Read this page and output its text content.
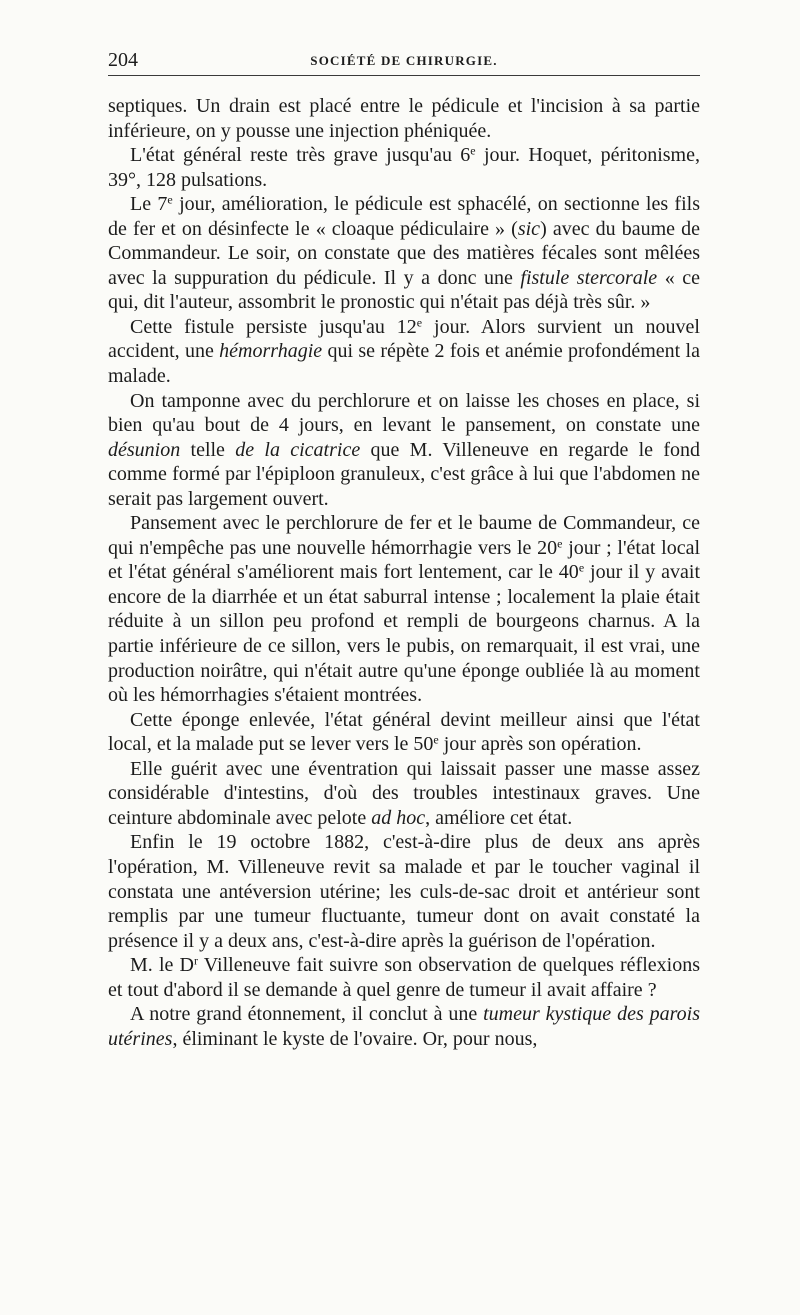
204	SOCIÉTÉ DE CHIRURGIE.

septiques. Un drain est placé entre le pédicule et l'incision à sa partie inférieure, on y pousse une injection phéniquée.

L'état général reste très grave jusqu'au 6e jour. Hoquet, péritonisme, 39°, 128 pulsations.

Le 7e jour, amélioration, le pédicule est sphacélé, on sectionne les fils de fer et on désinfecte le « cloaque pédiculaire » (sic) avec du baume de Commandeur. Le soir, on constate que des matières fécales sont mêlées avec la suppuration du pédicule. Il y a donc une fistule stercorale « ce qui, dit l'auteur, assombrit le pronostic qui n'était pas déjà très sûr. »

Cette fistule persiste jusqu'au 12e jour. Alors survient un nouvel accident, une hémorrhagie qui se répète 2 fois et anémie profondément la malade.

On tamponne avec du perchlorure et on laisse les choses en place, si bien qu'au bout de 4 jours, en levant le pansement, on constate une désunion telle de la cicatrice que M. Villeneuve en regarde le fond comme formé par l'épiploon granuleux, c'est grâce à lui que l'abdomen ne serait pas largement ouvert.

Pansement avec le perchlorure de fer et le baume de Commandeur, ce qui n'empêche pas une nouvelle hémorrhagie vers le 20e jour ; l'état local et l'état général s'améliorent mais fort lentement, car le 40e jour il y avait encore de la diarrhée et un état saburral intense ; localement la plaie était réduite à un sillon peu profond et rempli de bourgeons charnus. A la partie inférieure de ce sillon, vers le pubis, on remarquait, il est vrai, une production noirâtre, qui n'était autre qu'une éponge oubliée là au moment où les hémorrhagies s'étaient montrées.

Cette éponge enlevée, l'état général devint meilleur ainsi que l'état local, et la malade put se lever vers le 50e jour après son opération.

Elle guérit avec une éventration qui laissait passer une masse assez considérable d'intestins, d'où des troubles intestinaux graves. Une ceinture abdominale avec pelote ad hoc, améliore cet état.

Enfin le 19 octobre 1882, c'est-à-dire plus de deux ans après l'opération, M. Villeneuve revit sa malade et par le toucher vaginal il constata une antéversion utérine; les culs-de-sac droit et antérieur sont remplis par une tumeur fluctuante, tumeur dont on avait constaté la présence il y a deux ans, c'est-à-dire après la guérison de l'opération.

M. le $D^r$ Villeneuve fait suivre son observation de quelques réflexions et tout d'abord il se demande à quel genre de tumeur il avait affaire ?

A notre grand étonnement, il conclut à une tumeur kystique des parois utérines, éliminant le kyste de l'ovaire. Or, pour nous,
